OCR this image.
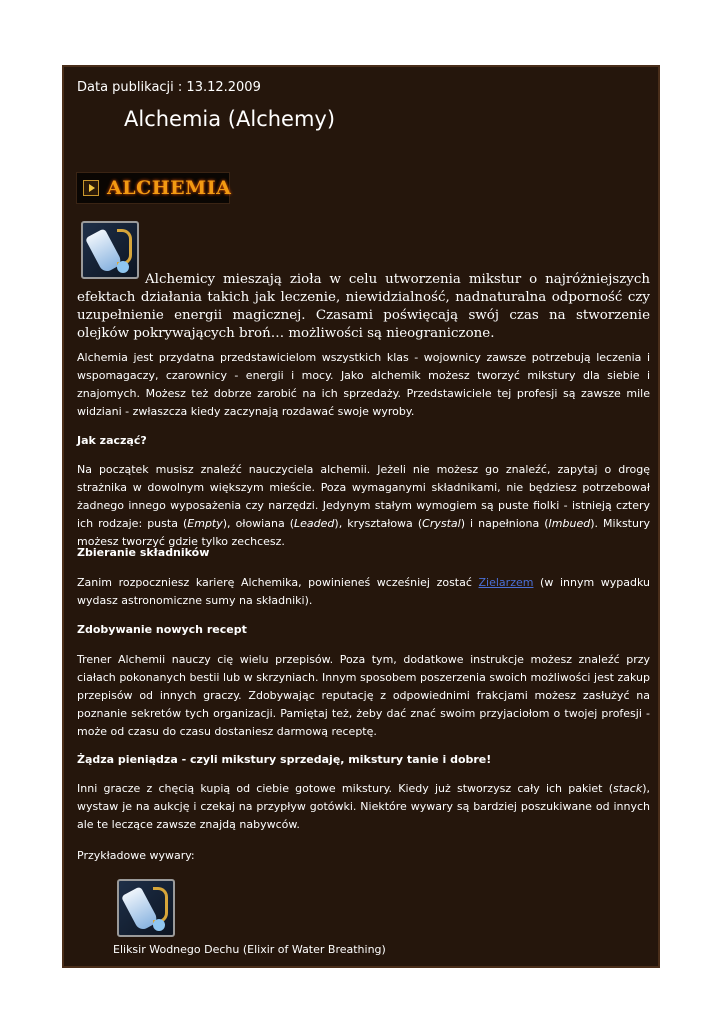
Data publikacji : 13.12.2009
Alchemia (Alchemy)
ALCHEMIA

Alchemicy mieszają zioła w celu utworzenia mikstur o najróżniejszych efektach działania takich jak leczenie, niewidzialność, nadnaturalna odporność czy uzupełnienie energii magicznej. Czasami poświęcają swój czas na stworzenie olejków pokrywających broń… możliwości są nieograniczone.

Alchemia jest przydatna przedstawicielom wszystkich klas - wojownicy zawsze potrzebują leczenia i wspomagaczy, czarownicy - energii i mocy. Jako alchemik możesz tworzyć mikstury dla siebie i znajomych. Możesz też dobrze zarobić na ich sprzedaży. Przedstawiciele tej profesji są zawsze mile widziani - zwłaszcza kiedy zaczynają rozdawać swoje wyroby.

Jak zacząć?

Na początek musisz znaleźć nauczyciela alchemii. Jeżeli nie możesz go znaleźć, zapytaj o drogę strażnika w dowolnym większym mieście. Poza wymaganymi składnikami, nie będziesz potrzebował żadnego innego wyposażenia czy narzędzi. Jedynym stałym wymogiem są puste fiolki - istnieją cztery ich rodzaje: pusta (Empty), ołowiana (Leaded), kryształowa (Crystal) i napełniona (Imbued). Mikstury możesz tworzyć gdzie tylko zechcesz.

Zbieranie składników

Zanim rozpoczniesz karierę Alchemika, powinieneś wcześniej zostać Zielarzem (w innym wypadku wydasz astronomiczne sumy na składniki).

Zdobywanie nowych recept

Trener Alchemii nauczy cię wielu przepisów. Poza tym, dodatkowe instrukcje możesz znaleźć przy ciałach pokonanych bestii lub w skrzyniach. Innym sposobem poszerzenia swoich możliwości jest zakup przepisów od innych graczy. Zdobywając reputację z odpowiednimi frakcjami możesz zasłużyć na poznanie sekretów tych organizacji. Pamiętaj też, żeby dać znać swoim przyjaciołom o twojej profesji - może od czasu do czasu dostaniesz darmową receptę.

Żądza pieniądza - czyli mikstury sprzedaję, mikstury tanie i dobre!

Inni gracze z chęcią kupią od ciebie gotowe mikstury. Kiedy już stworzysz cały ich pakiet (stack), wystaw je na aukcję i czekaj na przypływ gotówki. Niektóre wywary są bardziej poszukiwane od innych ale te leczące zawsze znajdą nabywców.

Przykładowe wywary:

Eliksir Wodnego Dechu (Elixir of Water Breathing)
